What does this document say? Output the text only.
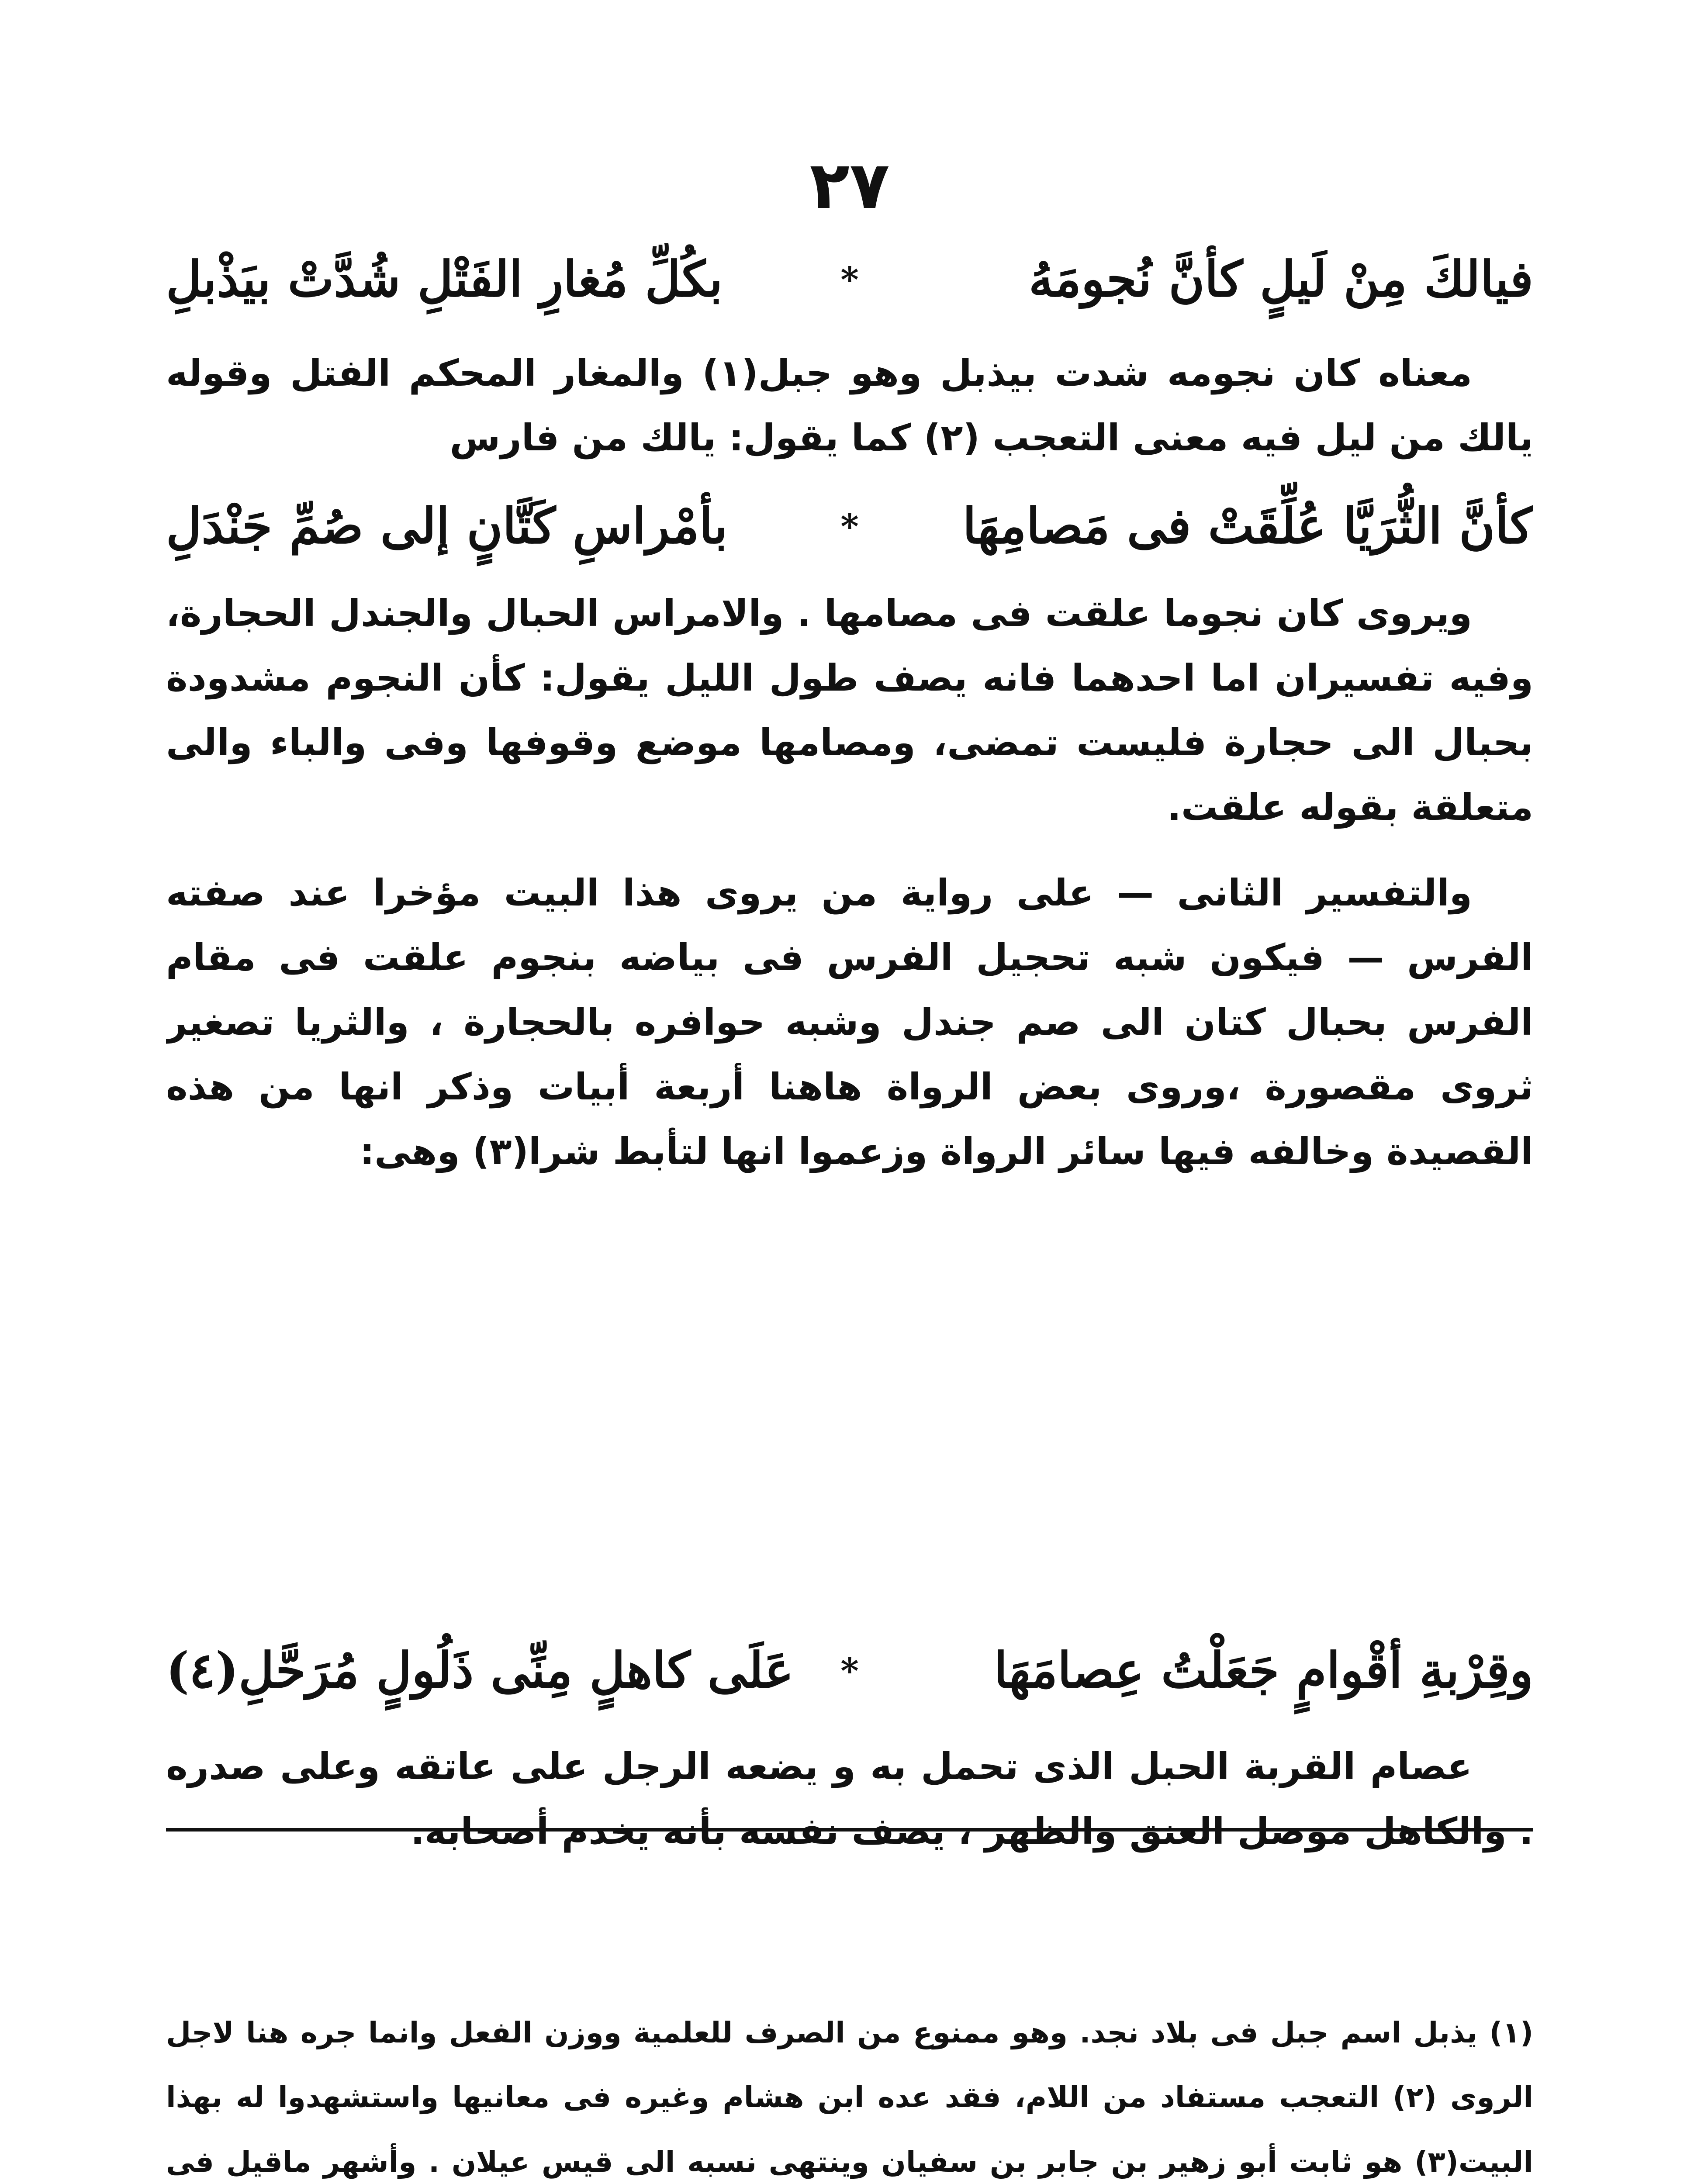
٢٧
فيالكَ مِنْ لَيلٍ كأنَّ نُجومَهُ
*
بكُلِّ مُغارِ الفَتْلِ شُدَّتْ بيَذْبلِ

معناه كان نجومه شدت بيذبل وهو جبل(١) والمغار المحكم الفتل وقوله يالك من ليل فيه معنى التعجب (٢) كما يقول: يالك من فارس

كأنَّ الثُّرَيَّا عُلِّقَتْ فى مَصامِهَا
*
بأمْراسِ كَتَّانٍ إلى صُمِّ جَنْدَلِ

ويروى كان نجوما علقت فى مصامها . والامراس الحبال والجندل الحجارة، وفيه تفسيران اما احدهما فانه يصف طول الليل يقول: كأن النجوم مشدودة بحبال الى حجارة فليست تمضى، ومصامها موضع وقوفها وفى والباء والى متعلقة بقوله علقت.

والتفسير الثانى — على رواية من يروى هذا البيت مؤخرا عند صفته الفرس — فيكون شبه تحجيل الفرس فى بياضه بنجوم علقت فى مقام الفرس بحبال كتان الى صم جندل وشبه حوافره بالحجارة ، والثريا تصغير ثروى مقصورة ،وروى بعض الرواة هاهنا أربعة أبيات وذكر انها من هذه القصيدة وخالفه فيها سائر الرواة وزعموا انها لتأبط شرا(٣) وهى:

وقِرْبةِ أقْوامٍ جَعَلْتُ عِصامَهَا
*
عَلَى كاهلٍ مِنِّى ذَلُولٍ مُرَحَّلِ(٤)

عصام القربة الحبل الذى تحمل به و يضعه الرجل على عاتقه وعلى صدره . والكاهل موصل العنق والظهر ، يصف نفسه بأنه يخدم أصحابه.

(١) يذبل اسم جبل فى بلاد نجد. وهو ممنوع من الصرف للعلمية ووزن الفعل وانما جره هنا لاجل الروى (٢) التعجب مستفاد من اللام، فقد عده ابن هشام وغيره فى معانيها واستشهدوا له بهذا البيت(٣) هو ثابت أبو زهير بن جابر بن سفيان وينتهى نسبه الى قيس عيلان . وأشهر ماقيل فى
